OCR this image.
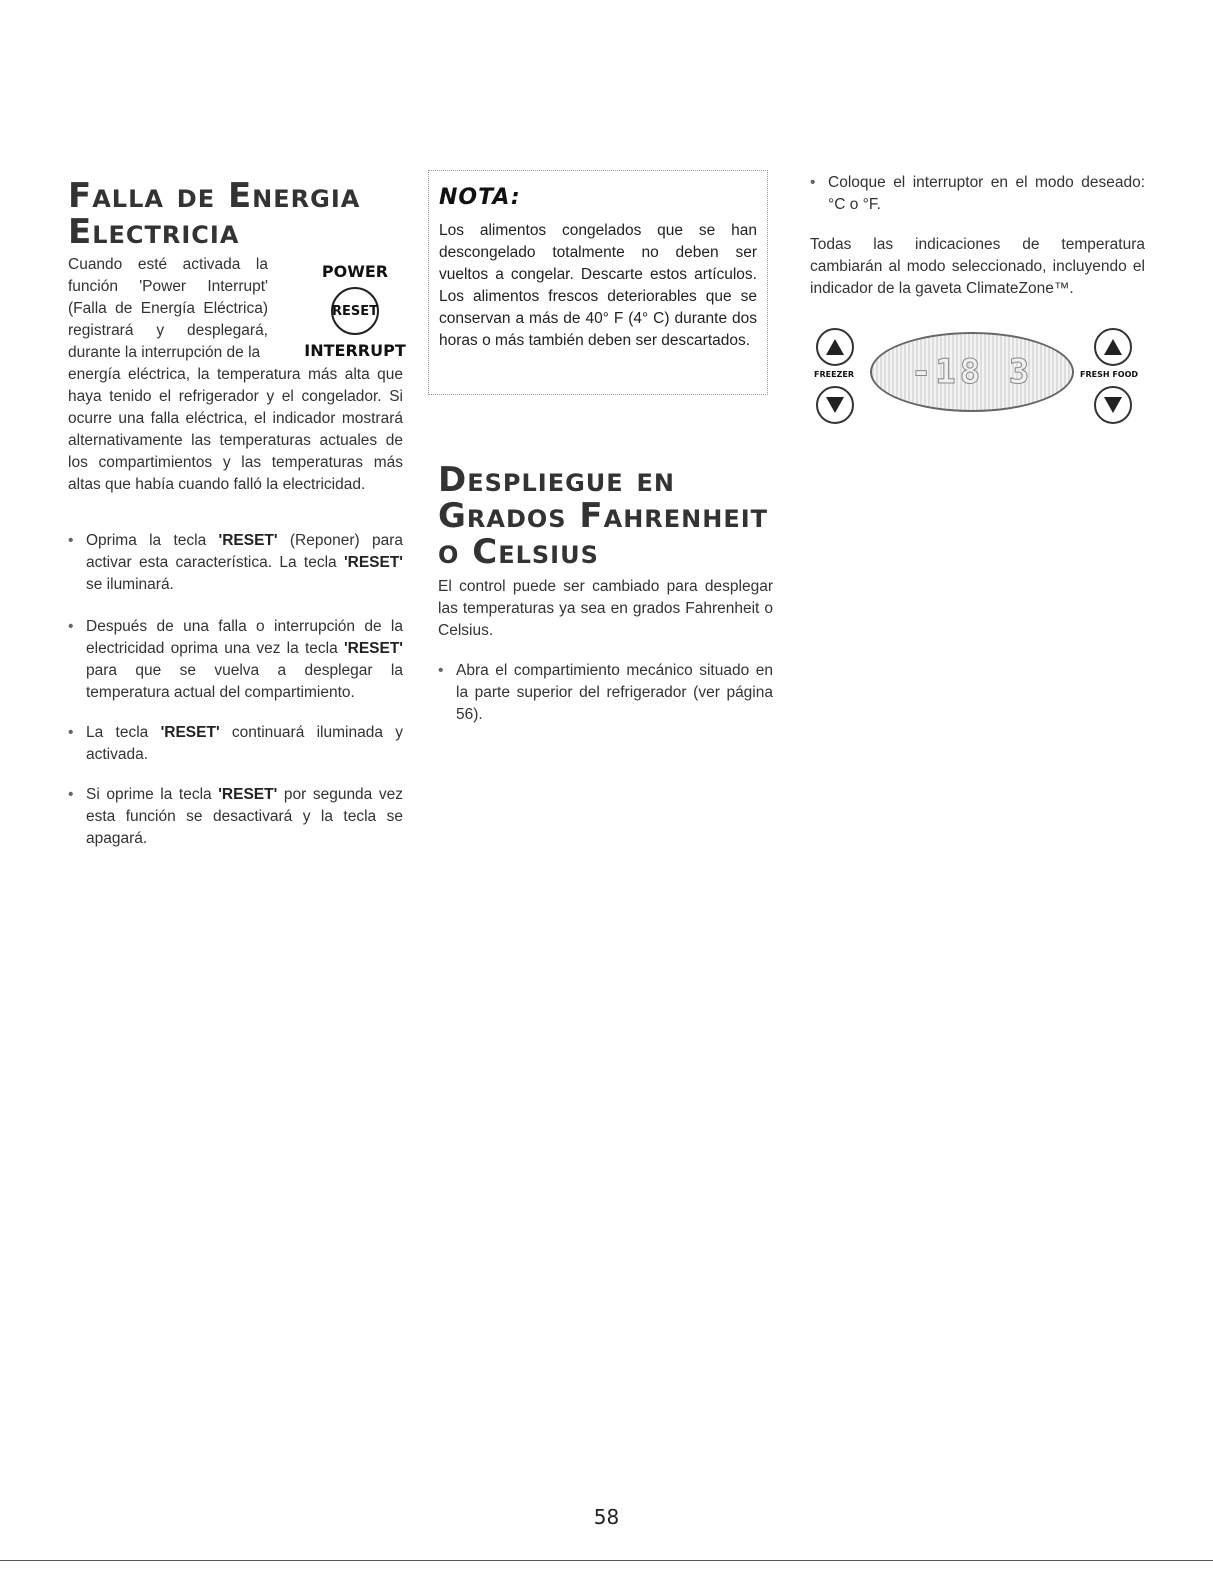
Falla de Energia
Electricia

Cuando esté activada la función 'Power Interrupt' (Falla de Energía Eléctrica) registrará y desplegará, durante la interrupción de la

POWER
RESET
INTERRUPT

energía eléctrica, la temperatura más alta que haya tenido el refrigerador y el congelador. Si ocurre una falla eléctrica, el indicador mostrará alternativamente las temperaturas actuales de los compartimientos y las temperaturas más altas que había cuando falló la electricidad.

• Oprima la tecla 'RESET' (Reponer) para activar esta característica. La tecla 'RESET' se iluminará.

• Después de una falla o interrupción de la electricidad oprima una vez la tecla 'RESET' para que se vuelva a desplegar la temperatura actual del compartimiento.

• La tecla 'RESET' continuará iluminada y activada.

• Si oprime la tecla 'RESET' por segunda vez esta función se desactivará y la tecla se apagará.

NOTA:

Los alimentos congelados que se han descongelado totalmente no deben ser vueltos a congelar. Descarte estos artículos. Los alimentos frescos deteriorables que se conservan a más de 40° F (4° C) durante dos horas o más también deben ser descartados.

Despliegue en
Grados Fahrenheit
o Celsius

El control puede ser cambiado para desplegar las temperaturas ya sea en grados Fahrenheit o Celsius.

• Abra el compartimiento mecánico situado en la parte superior del refrigerador (ver página 56).

• Coloque el interruptor en el modo deseado: °C o °F.

Todas las indicaciones de temperatura cambiarán al modo seleccionado, incluyendo el indicador de la gaveta ClimateZone™.

FREEZER -18 3	FRESH FOOD
58
